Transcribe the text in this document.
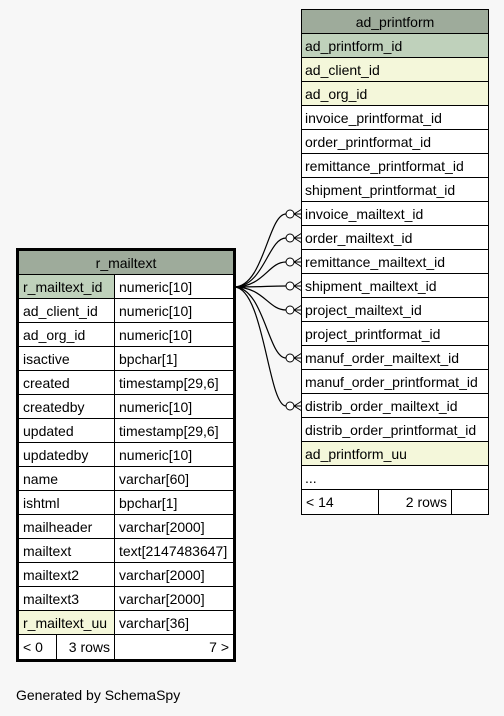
ad_printform
ad_printform_id
ad_client_id
ad_org_id
invoice_printformat_id
order_printformat_id
remittance_printformat_id
shipment_printformat_id
invoice_mailtext_id
order_mailtext_id
remittance_mailtext_id
shipment_mailtext_id
project_mailtext_id
project_printformat_id
manuf_order_mailtext_id
manuf_order_printformat_id
distrib_order_mailtext_id
distrib_order_printformat_id
ad_printform_uu
...
< 14	2 rows
r_mailtext
r_mailtext_id	numeric[10]
ad_client_id	numeric[10]
ad_org_id	numeric[10]
isactive	bpchar[1]
created	timestamp[29,6]
createdby	numeric[10]
updated	timestamp[29,6]
updatedby	numeric[10]
name	varchar[60]
ishtml	bpchar[1]
mailheader	varchar[2000]
mailtext	text[2147483647]
mailtext2	varchar[2000]
mailtext3	varchar[2000]
r_mailtext_uu varchar[36]
< 0	3 rows	7 >
Generated by SchemaSpy
